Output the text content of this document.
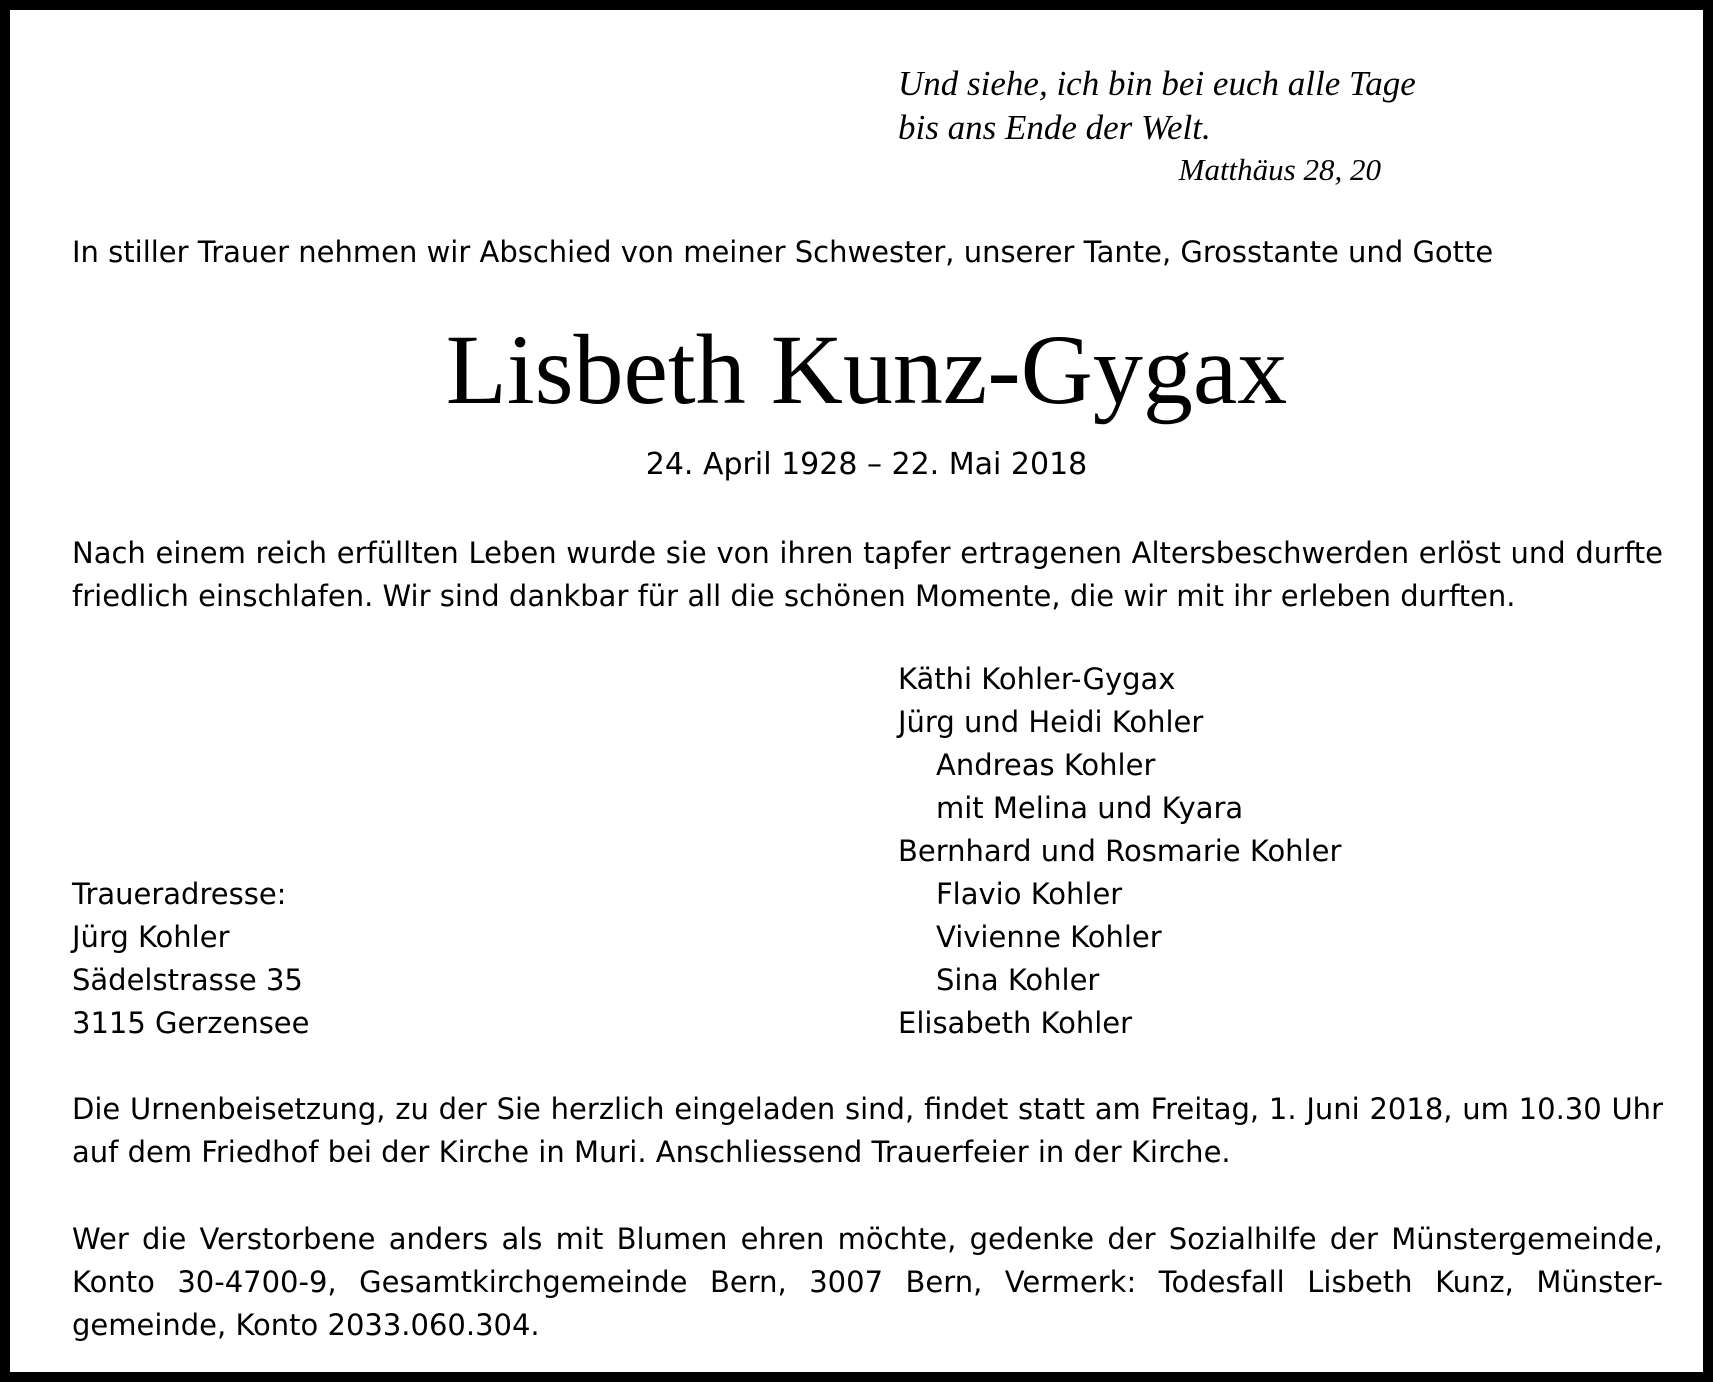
Und siehe, ich bin bei euch alle Tage

bis ans Ende der Welt.

Matthäus 28, 20

In stiller Trauer nehmen wir Abschied von meiner Schwester, unserer Tante, Grosstante und Gotte

Lisbeth Kunz-Gygax

24. April 1928 – 22. Mai 2018

Nach einem reich erfüllten Leben wurde sie von ihren tapfer ertragenen Altersbeschwerden erlöst und durfte friedlich einschlafen. Wir sind dankbar für all die schönen Momente, die wir mit ihr erleben durften.

Käthi Kohler-Gygax
Jürg und Heidi Kohler
Andreas Kohler
mit Melina und Kyara
Bernhard und Rosmarie Kohler
Flavio Kohler
Vivienne Kohler
Sina Kohler
Elisabeth Kohler
Traueradresse:
Jürg Kohler
Sädelstrasse 35
3115 Gerzensee

Die Urnenbeisetzung, zu der Sie herzlich eingeladen sind, findet statt am Freitag, 1. Juni 2018, um 10.30 Uhr auf dem Friedhof bei der Kirche in Muri. Anschliessend Trauerfeier in der Kirche.

Wer die Verstorbene anders als mit Blumen ehren möchte, gedenke der Sozialhilfe der Münstergemeinde, Konto 30-4700-9, Gesamtkirchgemeinde Bern, 3007 Bern, Vermerk: Todesfall Lisbeth Kunz, Münster-gemeinde, Konto 2033.060.304.
